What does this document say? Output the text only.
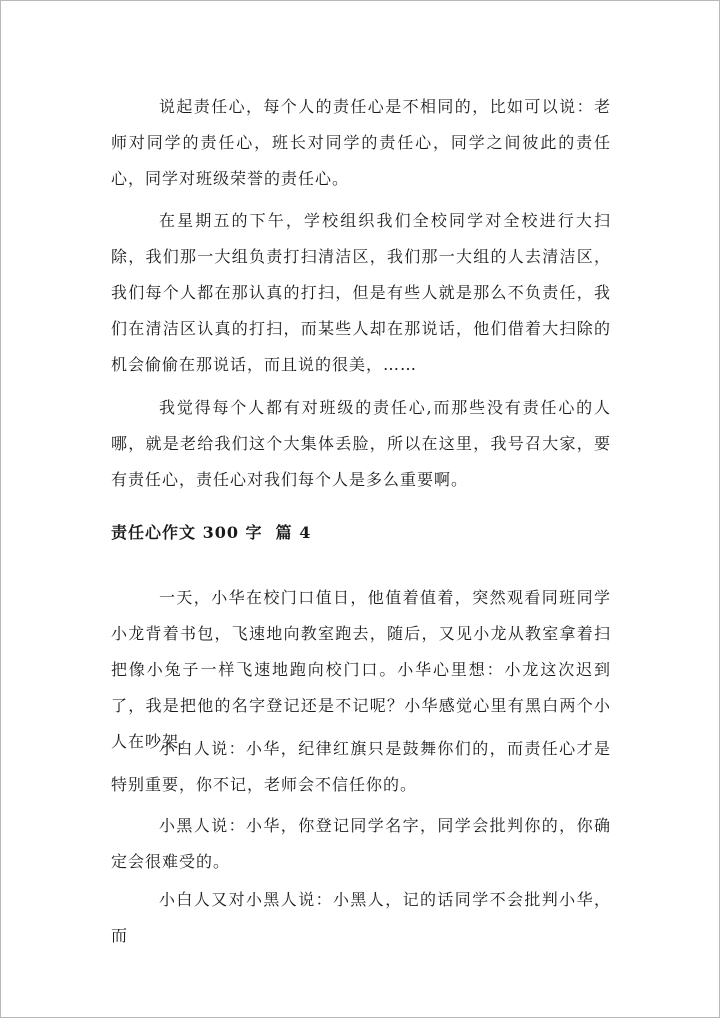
说起责任心，每个人的责任心是不相同的，比如可以说：老师对同学的责任心，班长对同学的责任心，同学之间彼此的责任心，同学对班级荣誉的责任心。

在星期五的下午，学校组织我们全校同学对全校进行大扫除，我们那一大组负责打扫清洁区，我们那一大组的人去清洁区，我们每个人都在那认真的打扫，但是有些人就是那么不负责任，我们在清洁区认真的打扫，而某些人却在那说话，他们借着大扫除的机会偷偷在那说话，而且说的很美，……

我觉得每个人都有对班级的责任心,而那些没有责任心的人哪，就是老给我们这个大集体丢脸，所以在这里，我号召大家，要有责任心，责任心对我们每个人是多么重要啊。

责任心作文 300 字  篇 4

一天，小华在校门口值日，他值着值着，突然观看同班同学小龙背着书包，飞速地向教室跑去，随后，又见小龙从教室拿着扫把像小兔子一样飞速地跑向校门口。小华心里想：小龙这次迟到了，我是把他的名字登记还是不记呢？小华感觉心里有黑白两个小人在吵架。

小白人说：小华，纪律红旗只是鼓舞你们的，而责任心才是特别重要，你不记，老师会不信任你的。

小黑人说：小华，你登记同学名字，同学会批判你的，你确定会很难受的。

小白人又对小黑人说：小黑人，记的话同学不会批判小华，而
